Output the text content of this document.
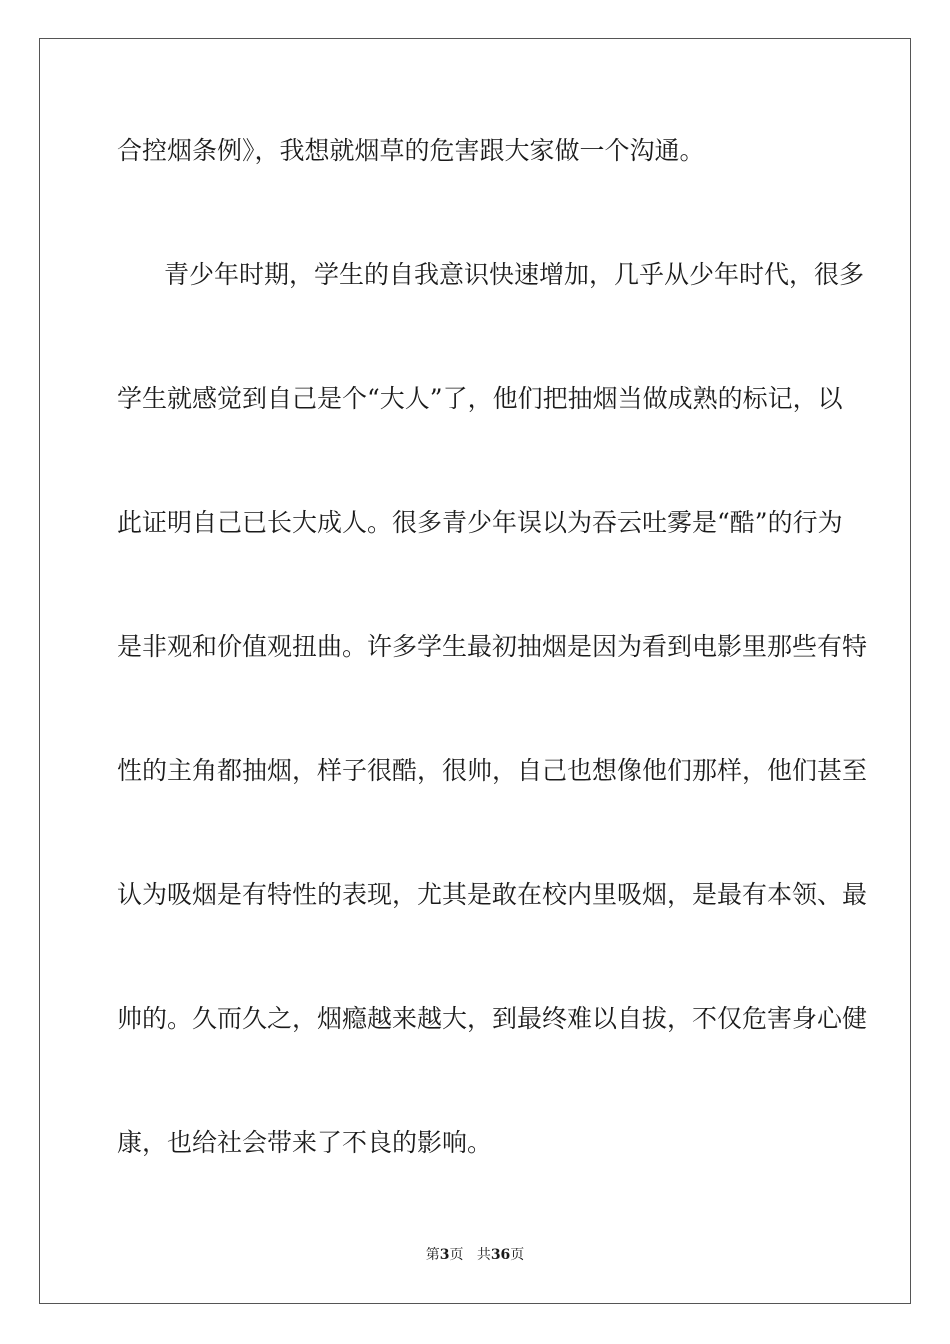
合控烟条例》，我想就烟草的危害跟大家做一个沟通。
青少年时期，学生的自我意识快速增加，几乎从少年时代，很多
学生就感觉到自己是个“大人”了，他们把抽烟当做成熟的标记，以
此证明自己已长大成人。很多青少年误以为吞云吐雾是“酷”的行为
是非观和价值观扭曲。许多学生最初抽烟是因为看到电影里那些有特
性的主角都抽烟，样子很酷，很帅，自己也想像他们那样，他们甚至
认为吸烟是有特性的表现，尤其是敢在校内里吸烟，是最有本领、最
帅的。久而久之，烟瘾越来越大，到最终难以自拔，不仅危害身心健
康，也给社会带来了不良的影响。
第3页 共36页
